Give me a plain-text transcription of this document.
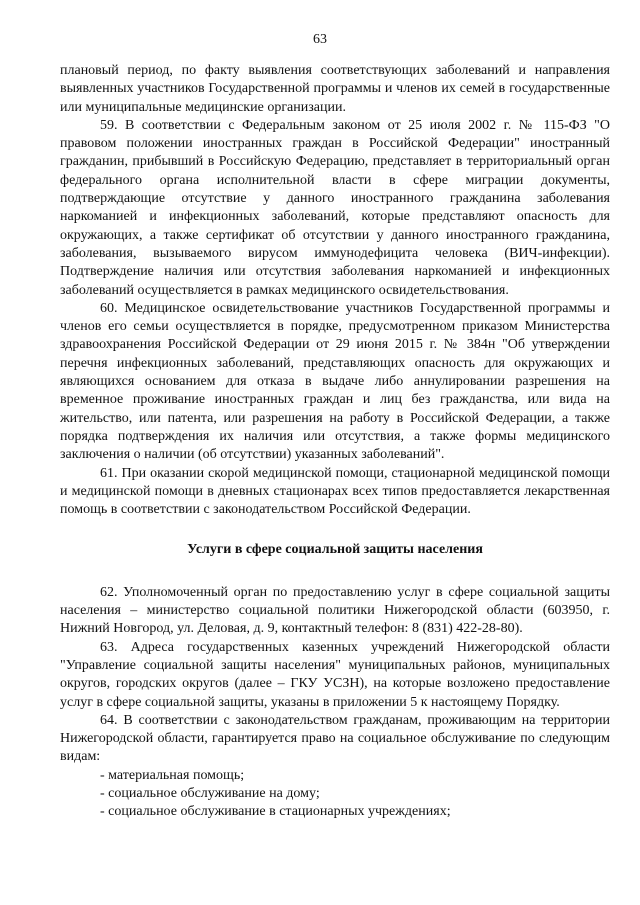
63

плановый период, по факту выявления соответствующих заболеваний и направления выявленных участников Государственной программы и членов их семей в государственные или муниципальные медицинские организации.

59. В соответствии с Федеральным законом от 25 июля 2002 г. № 115-ФЗ "О правовом положении иностранных граждан в Российской Федерации" иностранный гражданин, прибывший в Российскую Федерацию, представляет в территориальный орган федерального органа исполнительной власти в сфере миграции документы, подтверждающие отсутствие у данного иностранного гражданина заболевания наркоманией и инфекционных заболеваний, которые представляют опасность для окружающих, а также сертификат об отсутствии у данного иностранного гражданина, заболевания, вызываемого вирусом иммунодефицита человека (ВИЧ-инфекции). Подтверждение наличия или отсутствия заболевания наркоманией и инфекционных заболеваний осуществляется в рамках медицинского освидетельствования.

60. Медицинское освидетельствование участников Государственной программы и членов его семьи осуществляется в порядке, предусмотренном приказом Министерства здравоохранения Российской Федерации от 29 июня 2015 г. № 384н "Об утверждении перечня инфекционных заболеваний, представляющих опасность для окружающих и являющихся основанием для отказа в выдаче либо аннулировании разрешения на временное проживание иностранных граждан и лиц без гражданства, или вида на жительство, или патента, или разрешения на работу в Российской Федерации, а также порядка подтверждения их наличия или отсутствия, а также формы медицинского заключения о наличии (об отсутствии) указанных заболеваний".

61. При оказании скорой медицинской помощи, стационарной медицинской помощи и медицинской помощи в дневных стационарах всех типов предоставляется лекарственная помощь в соответствии с законодательством Российской Федерации.

Услуги в сфере социальной защиты населения

62. Уполномоченный орган по предоставлению услуг в сфере социальной защиты населения – министерство социальной политики Нижегородской области (603950, г. Нижний Новгород, ул. Деловая, д. 9, контактный телефон: 8 (831) 422-28-80).

63. Адреса государственных казенных учреждений Нижегородской области "Управление социальной защиты населения" муниципальных районов, муниципальных округов, городских округов (далее – ГКУ УСЗН), на которые возложено предоставление услуг в сфере социальной защиты, указаны в приложении 5 к настоящему Порядку.

64. В соответствии с законодательством гражданам, проживающим на территории Нижегородской области, гарантируется право на социальное обслуживание по следующим видам:

- материальная помощь;

- социальное обслуживание на дому;

- социальное обслуживание в стационарных учреждениях;
